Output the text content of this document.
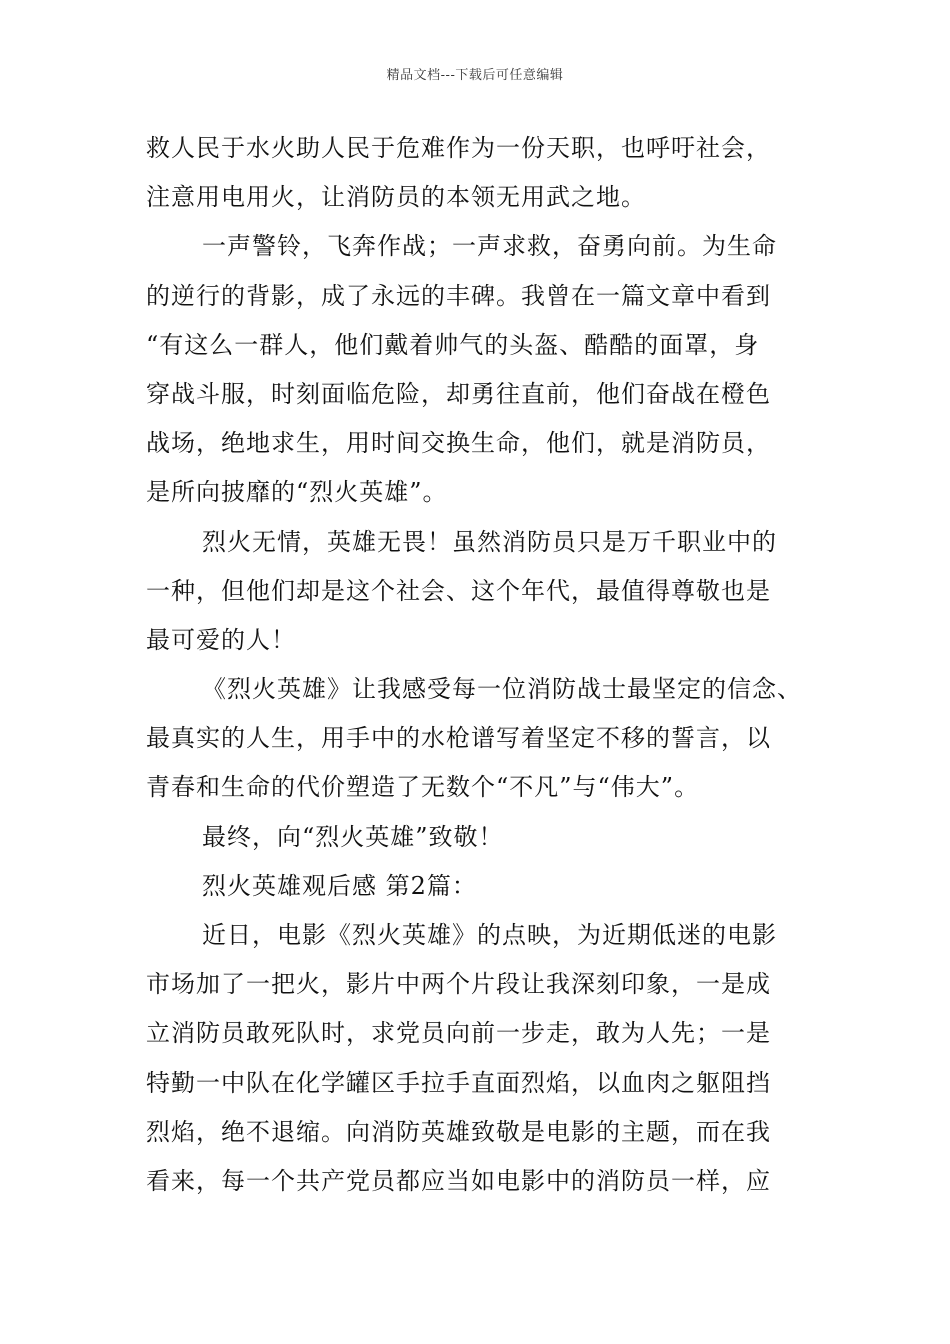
精品文档---下载后可任意编辑
救人民于水火助人民于危难作为一份天职，也呼吁社会，
注意用电用火，让消防员的本领无用武之地。
一声警铃，飞奔作战；一声求救，奋勇向前。为生命
的逆行的背影，成了永远的丰碑。我曾在一篇文章中看到
“有这么一群人，他们戴着帅气的头盔、酷酷的面罩，身
穿战斗服，时刻面临危险，却勇往直前，他们奋战在橙色
战场，绝地求生，用时间交换生命，他们，就是消防员，
是所向披靡的“烈火英雄”。
烈火无情，英雄无畏！虽然消防员只是万千职业中的
一种，但他们却是这个社会、这个年代，最值得尊敬也是
最可爱的人！
《烈火英雄》让我感受每一位消防战士最坚定的信念、
最真实的人生，用手中的水枪谱写着坚定不移的誓言，以
青春和生命的代价塑造了无数个“不凡”与“伟大”。
最终，向“烈火英雄”致敬！
烈火英雄观后感 第2篇：
近日，电影《烈火英雄》的点映，为近期低迷的电影
市场加了一把火，影片中两个片段让我深刻印象，一是成
立消防员敢死队时，求党员向前一步走，敢为人先；一是
特勤一中队在化学罐区手拉手直面烈焰，以血肉之躯阻挡
烈焰，绝不退缩。向消防英雄致敬是电影的主题，而在我
看来，每一个共产党员都应当如电影中的消防员一样，应
